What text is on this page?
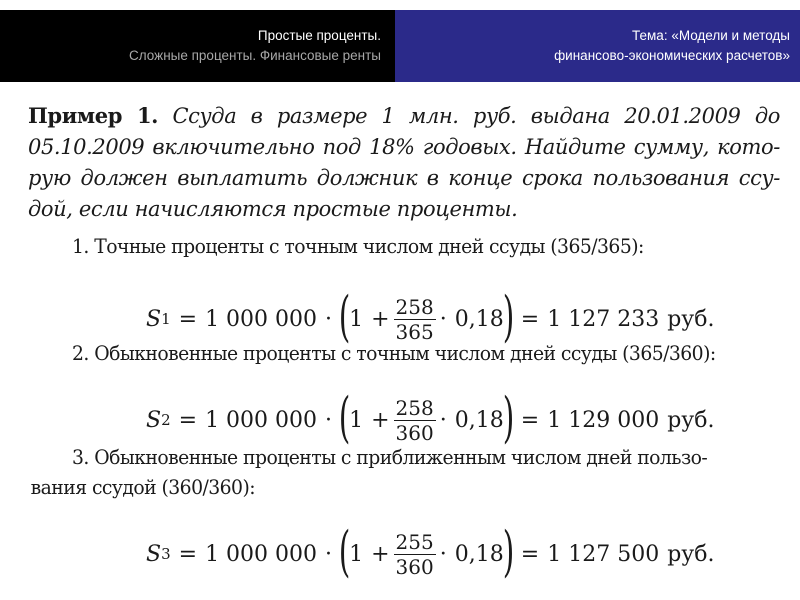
Простые проценты.
Сложные проценты. Финансовые ренты
Тема: «Модели и методы
финансово-экономических расчетов»
Пример 1. Ссуда в размере 1 млн. руб. выдана 20.01.2009 до
05.10.2009 включительно под 18% годовых. Найдите сумму, кото-
рую должен выплатить должник в конце срока пользования ссу-
дой, если начисляются простые проценты.
1. Точные проценты с точным числом дней ссуды (365/365):
S 1 = 1 000 000 · (
$1 + \frac{258}{365} \cdot 0,18$
) = 1 127 233 руб.
2. Обыкновенные проценты с точным числом дней ссуды (365/360):
S 2 = 1 000 000 · (
$1 + \frac{258}{360} \cdot 0,18$
) = 1 129 000 руб.
3. Обыкновенные проценты с приближенным числом дней пользо-
вания ссудой (360/360):
S 3 = 1 000 000 · (
$1 + \frac{255}{360} \cdot 0,18$
) = 1 127 500 руб.
